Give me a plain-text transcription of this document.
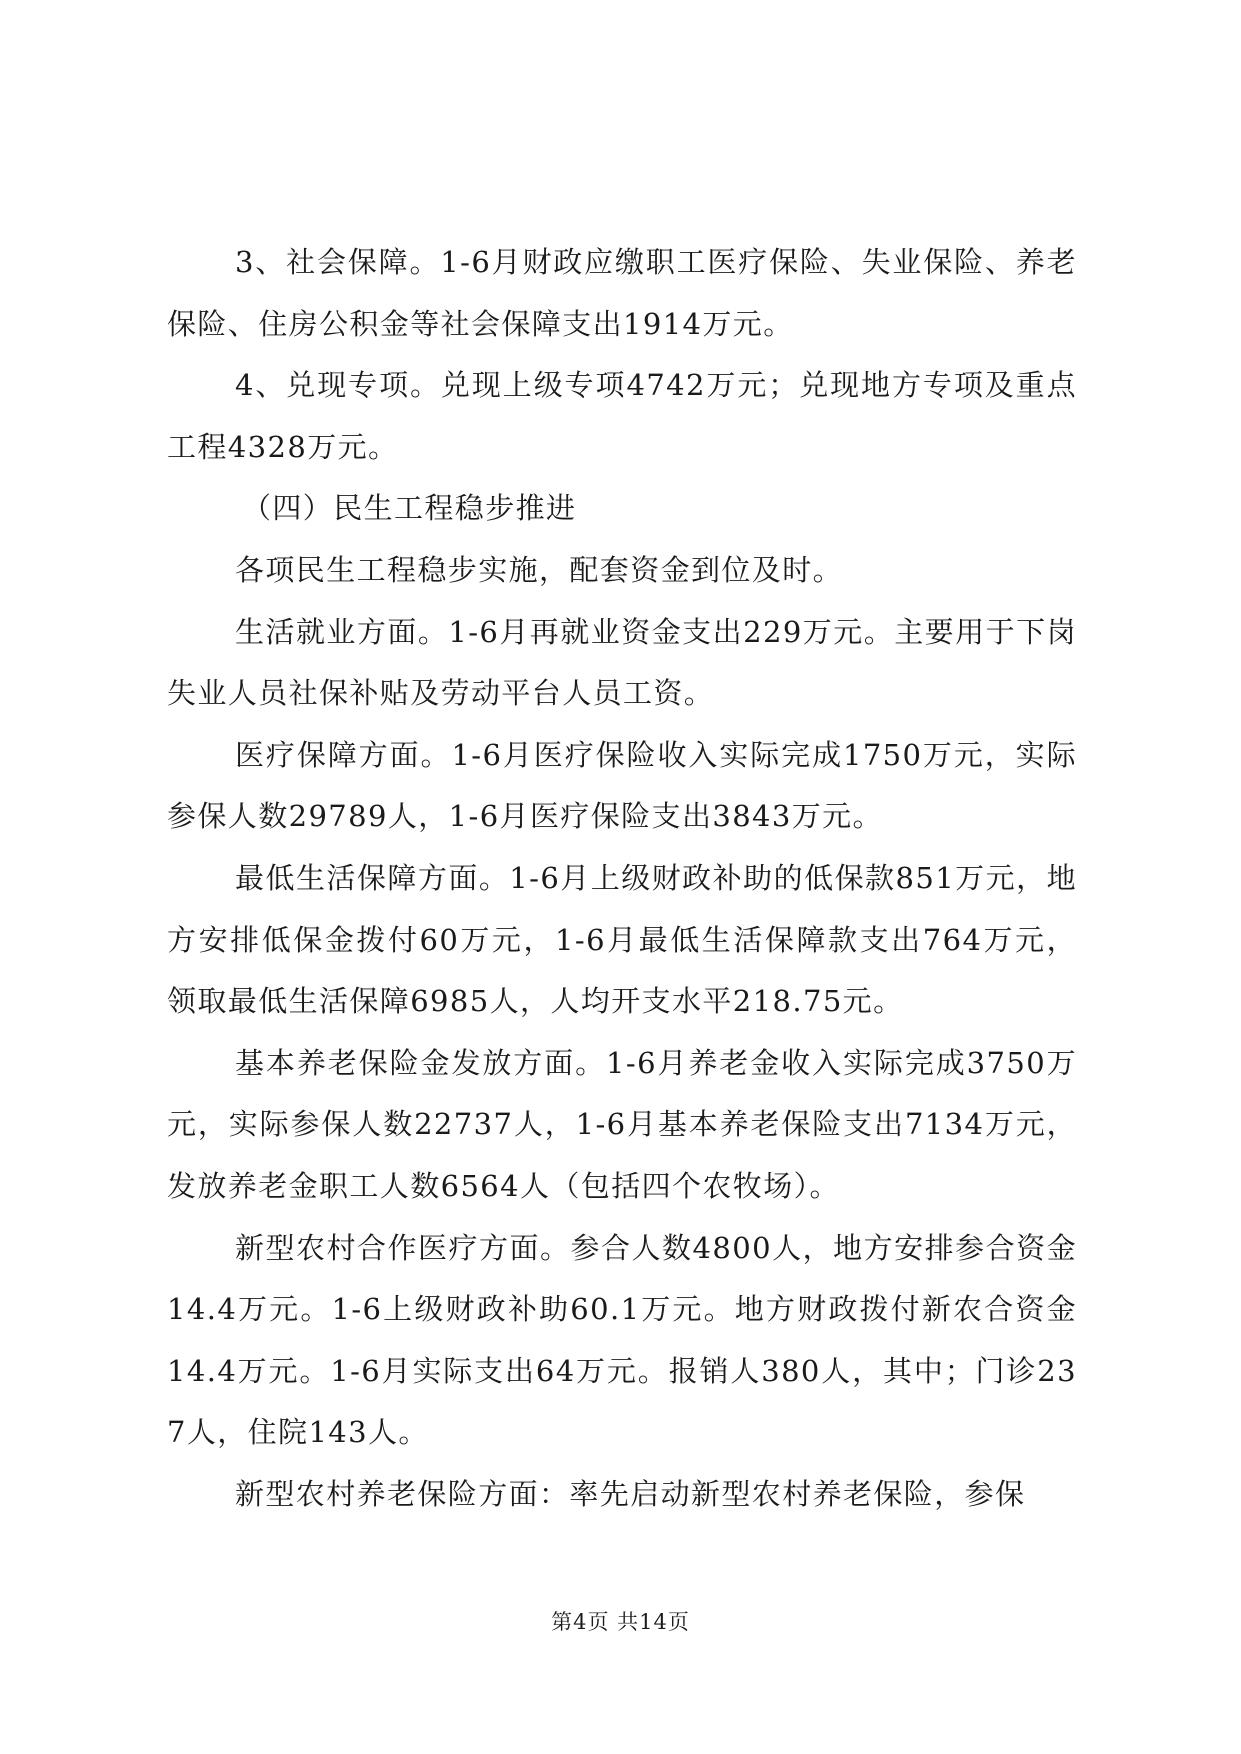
3、社会保障。1-6月财政应缴职工医疗保险、失业保险、养老保险、住房公积金等社会保障支出1914万元。

4、兑现专项。兑现上级专项4742万元；兑现地方专项及重点工程4328万元。

（四）民生工程稳步推进

各项民生工程稳步实施，配套资金到位及时。

生活就业方面。1-6月再就业资金支出229万元。主要用于下岗失业人员社保补贴及劳动平台人员工资。

医疗保障方面。1-6月医疗保险收入实际完成1750万元，实际参保人数29789人，1-6月医疗保险支出3843万元。

最低生活保障方面。1-6月上级财政补助的低保款851万元，地方安排低保金拨付60万元，1-6月最低生活保障款支出764万元，领取最低生活保障6985人，人均开支水平218.75元。

基本养老保险金发放方面。1-6月养老金收入实际完成3750万元，实际参保人数22737人，1-6月基本养老保险支出7134万元，发放养老金职工人数6564人（包括四个农牧场）。

新型农村合作医疗方面。参合人数4800人，地方安排参合资金14.4万元。1-6上级财政补助60.1万元。地方财政拨付新农合资金14.4万元。1-6月实际支出64万元。报销人380人，其中；门诊237人，住院143人。

新型农村养老保险方面：率先启动新型农村养老保险，参保

第4页 共14页
